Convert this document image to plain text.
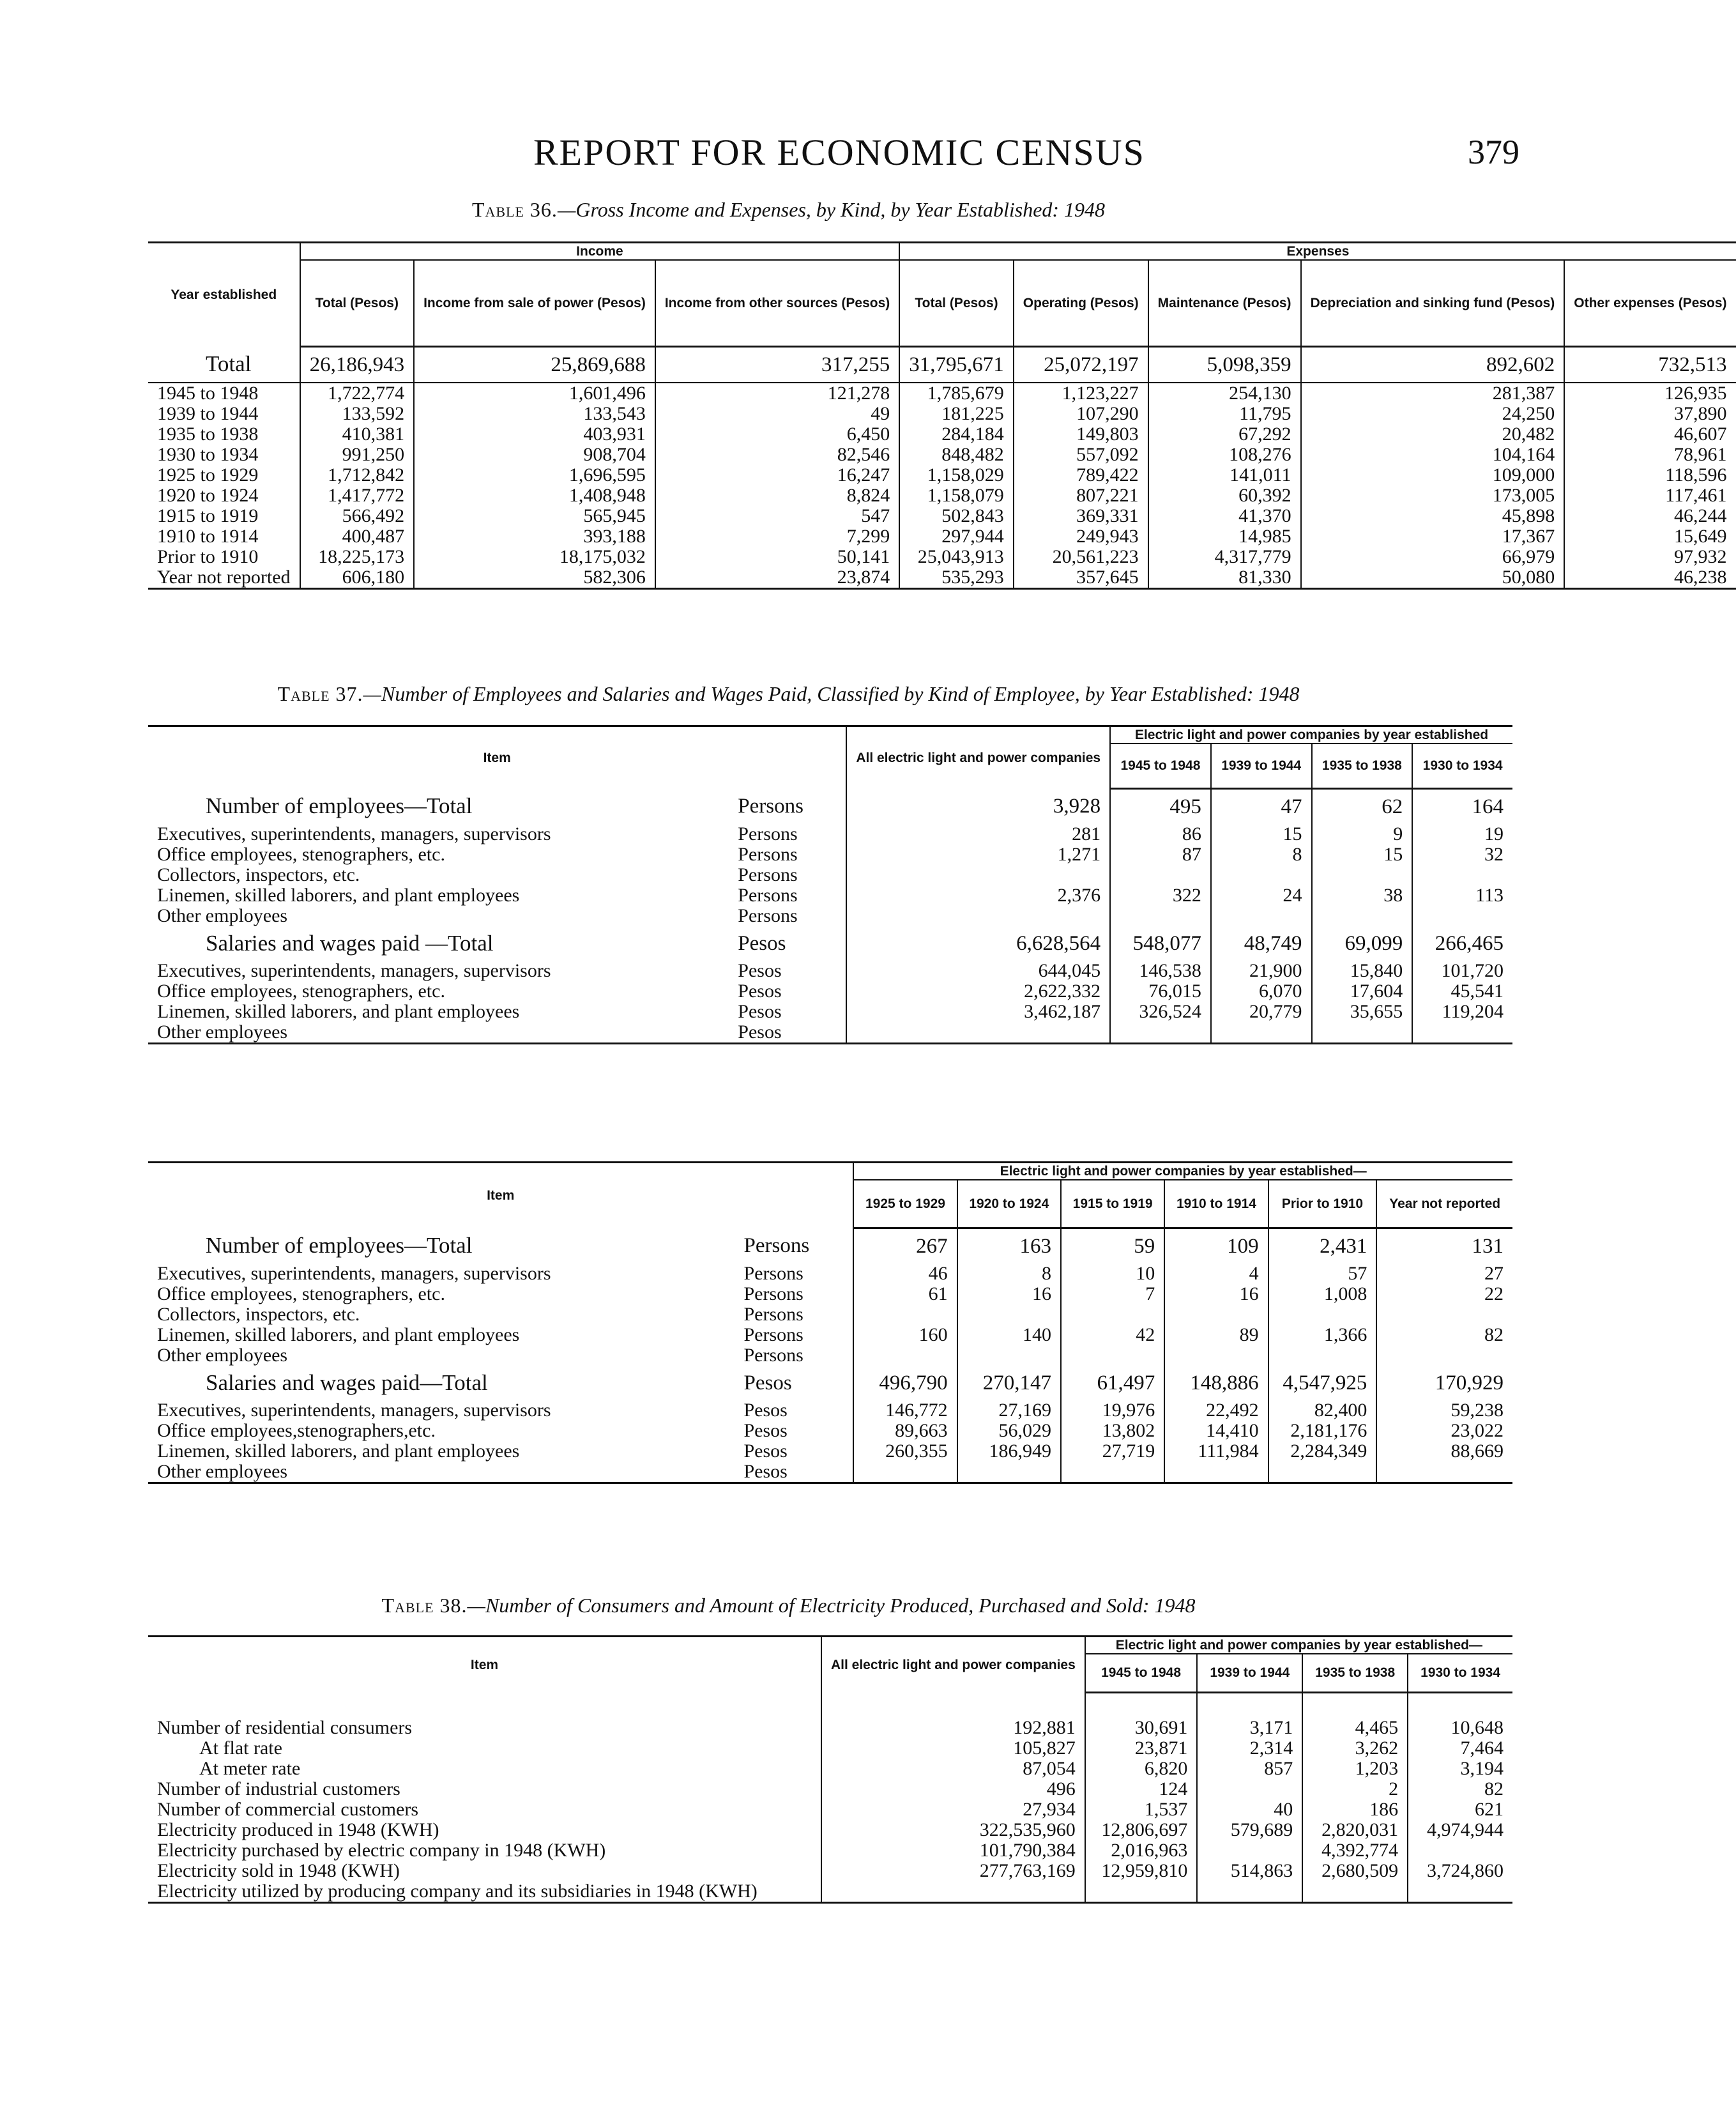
REPORT FOR ECONOMIC CENSUS	379
Table 36.—Gross Income and Expenses, by Kind, by Year Established: 1948
Year established	Income			Expenses				
	Total (Pesos)	Income from sale of power (Pesos)	Income from other sources (Pesos)	Total (Pesos)	Operating (Pesos)	Maintenance (Pesos)	Depreciation and sinking fund (Pesos)	Other expenses (Pesos)
Total	26,186,943	25,869,688	317,255	31,795,671	25,072,197	5,098,359	892,602	732,513
1945 to 1948	1,722,774	1,601,496	121,278	1,785,679	1,123,227	254,130	281,387	126,935
1939 to 1944	133,592	133,543	49	181,225	107,290	11,795	24,250	37,890
1935 to 1938	410,381	403,931	6,450	284,184	149,803	67,292	20,482	46,607
1930 to 1934	991,250	908,704	82,546	848,482	557,092	108,276	104,164	78,961
1925 to 1929	1,712,842	1,696,595	16,247	1,158,029	789,422	141,011	109,000	118,596
1920 to 1924	1,417,772	1,408,948	8,824	1,158,079	807,221	60,392	173,005	117,461
1915 to 1919	566,492	565,945	547	502,843	369,331	41,370	45,898	46,244
1910 to 1914	400,487	393,188	7,299	297,944	249,943	14,985	17,367	15,649
Prior to 1910	18,225,173	18,175,032	50,141	25,043,913	20,561,223	4,317,779	66,979	97,932
Year not reported	606,180	582,306	23,874	535,293	357,645	81,330	50,080	46,238
Table 37.—Number of Employees and Salaries and Wages Paid, Classified by Kind of Employee, by Year Established: 1948
Item		All electric light and power companies	Electric light and power companies by year established			
			1945 to 1948	1939 to 1944	1935 to 1938	1930 to 1934
Number of employees—Total	Persons	3,928	495	47	62	164
Executives, superintendents, managers, supervisors	Persons	281	86	15	9	19
Office employees, stenographers, etc.	Persons	1,271	87	8	15	32
Collectors, inspectors, etc.	Persons					
Linemen, skilled laborers, and plant employees	Persons	2,376	322	24	38	113
Other employees	Persons					
Salaries and wages paid —Total	Pesos	6,628,564	548,077	48,749	69,099	266,465
Executives, superintendents, managers, supervisors	Pesos	644,045	146,538	21,900	15,840	101,720
Office employees, stenographers, etc.	Pesos	2,622,332	76,015	6,070	17,604	45,541
Linemen, skilled laborers, and plant employees	Pesos	3,462,187	326,524	20,779	35,655	119,204
Other employees	Pesos					
Item		Electric light and power companies by year established—					
		1925 to 1929	1920 to 1924	1915 to 1919	1910 to 1914	Prior to 1910	Year not reported
Number of employees—Total	Persons	267	163	59	109	2,431	131
Executives, superintendents, managers, supervisors	Persons	46	8	10	4	57	27
Office employees, stenographers, etc.	Persons	61	16	7	16	1,008	22
Collectors, inspectors, etc.	Persons						
Linemen, skilled laborers, and plant employees	Persons	160	140	42	89	1,366	82
Other employees	Persons						
Salaries and wages paid—Total	Pesos	496,790	270,147	61,497	148,886	4,547,925	170,929
Executives, superintendents, managers, supervisors	Pesos	146,772	27,169	19,976	22,492	82,400	59,238
Office employees,stenographers,etc.	Pesos	89,663	56,029	13,802	14,410	2,181,176	23,022
Linemen, skilled laborers, and plant employees	Pesos	260,355	186,949	27,719	111,984	2,284,349	88,669
Other employees	Pesos						
Table 38.—Number of Consumers and Amount of Electricity Produced, Purchased and Sold: 1948
Item	All electric light and power companies	Electric light and power companies by year established—			
		1945 to 1948	1939 to 1944	1935 to 1938	1930 to 1934

Number of residential consumers	192,881	30,691	3,171	4,465	10,648
At flat rate	105,827	23,871	2,314	3,262	7,464
At meter rate	87,054	6,820	857	1,203	3,194
Number of industrial customers	496	124		2	82
Number of commercial customers	27,934	1,537	40	186	621
Electricity produced in 1948 (KWH)	322,535,960	12,806,697	579,689	2,820,031	4,974,944
Electricity purchased by electric company in 1948 (KWH)	101,790,384	2,016,963		4,392,774	
Electricity sold in 1948 (KWH)	277,763,169	12,959,810	514,863	2,680,509	3,724,860
Electricity utilized by producing company and its subsidiaries in 1948 (KWH)					
